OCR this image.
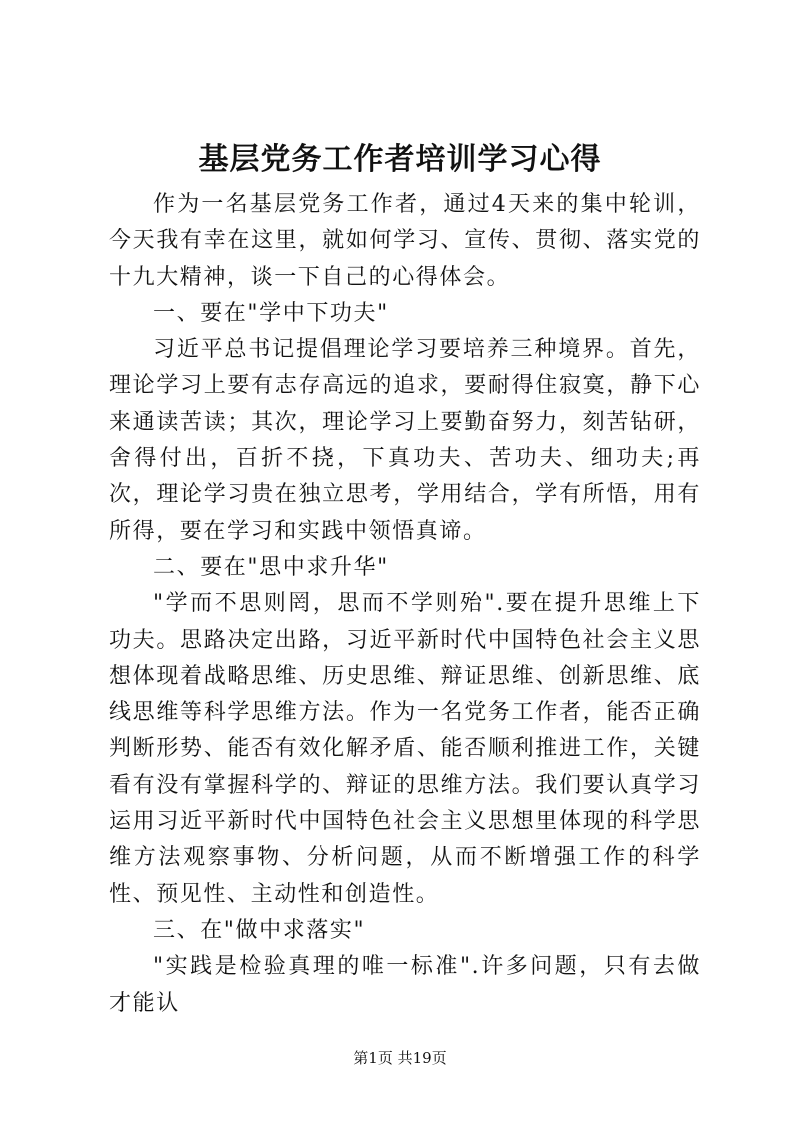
基层党务工作者培训学习心得

作为一名基层党务工作者，通过4天来的集中轮训，今天我有幸在这里，就如何学习、宣传、贯彻、落实党的十九大精神，谈一下自己的心得体会。

一、要在"学中下功夫"

习近平总书记提倡理论学习要培养三种境界。首先，理论学习上要有志存高远的追求，要耐得住寂寞，静下心来通读苦读；其次，理论学习上要勤奋努力，刻苦钻研，舍得付出，百折不挠，下真功夫、苦功夫、细功夫;再次，理论学习贵在独立思考，学用结合，学有所悟，用有所得，要在学习和实践中领悟真谛。

二、要在"思中求升华"

"学而不思则罔，思而不学则殆".要在提升思维上下功夫。思路决定出路，习近平新时代中国特色社会主义思想体现着战略思维、历史思维、辩证思维、创新思维、底线思维等科学思维方法。作为一名党务工作者，能否正确判断形势、能否有效化解矛盾、能否顺利推进工作，关键看有没有掌握科学的、辩证的思维方法。我们要认真学习运用习近平新时代中国特色社会主义思想里体现的科学思维方法观察事物、分析问题，从而不断增强工作的科学性、预见性、主动性和创造性。

三、在"做中求落实"

"实践是检验真理的唯一标准".许多问题，只有去做才能认

第1页 共19页
